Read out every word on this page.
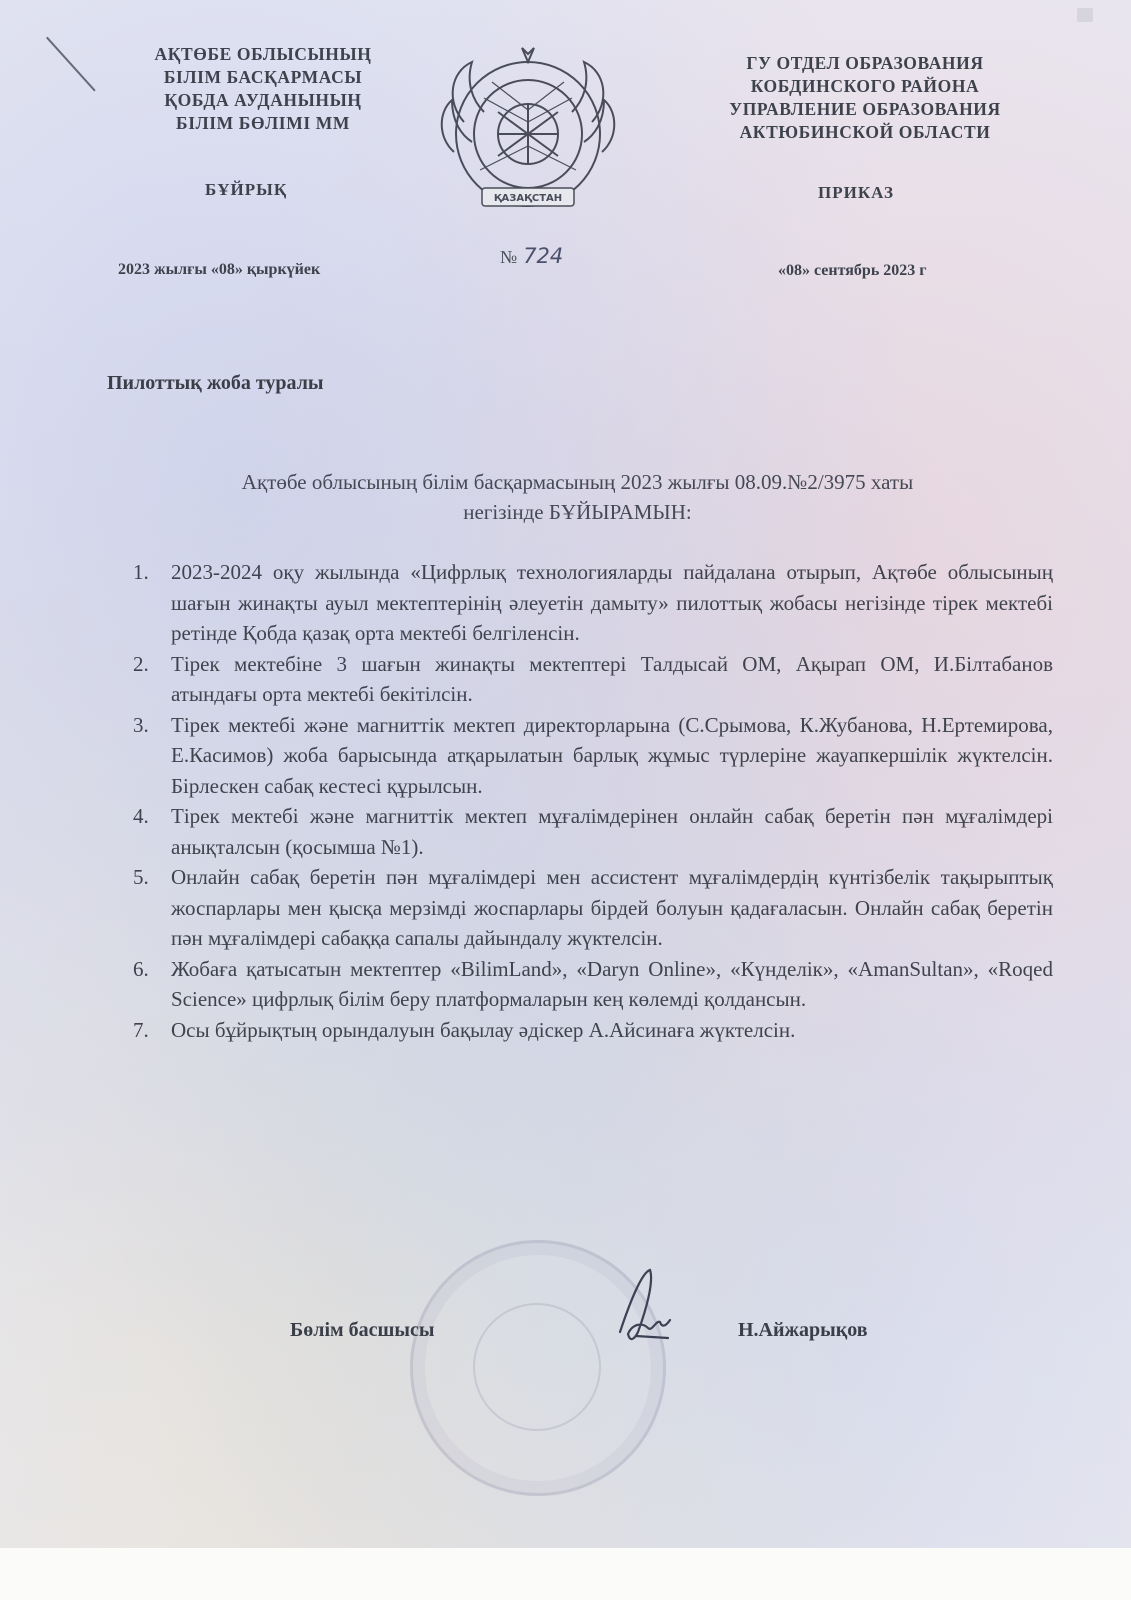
АҚТӨБЕ ОБЛЫСЫНЫҢ
БІЛІМ БАСҚАРМАСЫ
ҚОБДА АУДАНЫНЫҢ
БІЛІМ БӨЛІМІ ММ
ҚАЗАҚСТАН
ГУ ОТДЕЛ ОБРАЗОВАНИЯ
КОБДИНСКОГО РАЙОНА
УПРАВЛЕНИЕ ОБРАЗОВАНИЯ
АКТЮБИНСКОЙ ОБЛАСТИ
БҰЙРЫҚ	ПРИКАЗ
2023 жылғы «08» қыркүйек
№ 724
«08» сентябрь 2023 г
Пилоттық жоба туралы
Ақтөбе облысының білім басқармасының 2023 жылғы 08.09.№2/3975 хаты
негізінде БҰЙЫРАМЫН:
1. 2023-2024 оқу жылында «Цифрлық технологияларды пайдалана отырып, Ақтөбе облысының шағын жинақты ауыл мектептерінің әлеуетін дамыту» пилоттық жобасы негізінде тірек мектебі ретінде Қобда қазақ орта мектебі белгіленсін.
2. Тірек мектебіне 3 шағын жинақты мектептері Талдысай ОМ, Ақырап ОМ, И.Білтабанов атындағы орта мектебі бекітілсін.
3. Тірек мектебі және магниттік мектеп директорларына (С.Срымова, К.Жубанова, Н.Ертемирова, Е.Касимов) жоба барысында атқарылатын барлық жұмыс түрлеріне жауапкершілік жүктелсін. Бірлескен сабақ кестесі құрылсын.
4. Тірек мектебі және магниттік мектеп мұғалімдерінен онлайн сабақ беретін пән мұғалімдері анықталсын (қосымша №1).
5. Онлайн сабақ беретін пән мұғалімдері мен ассистент мұғалімдердің күнтізбелік тақырыптық жоспарлары мен қысқа мерзімді жоспарлары бірдей болуын қадағаласын. Онлайн сабақ беретін пән мұғалімдері сабаққа сапалы дайындалу жүктелсін.
6. Жобаға қатысатын мектептер «BilimLand», «Daryn Online», «Күнделік», «AmanSultan», «Roqed Science» цифрлық білім беру платформаларын кең көлемді қолдансын.
7. Осы бұйрықтың орындалуын бақылау әдіскер А.Айсинаға жүктелсін.
Бөлім басшысы	Н.Айжарықов
